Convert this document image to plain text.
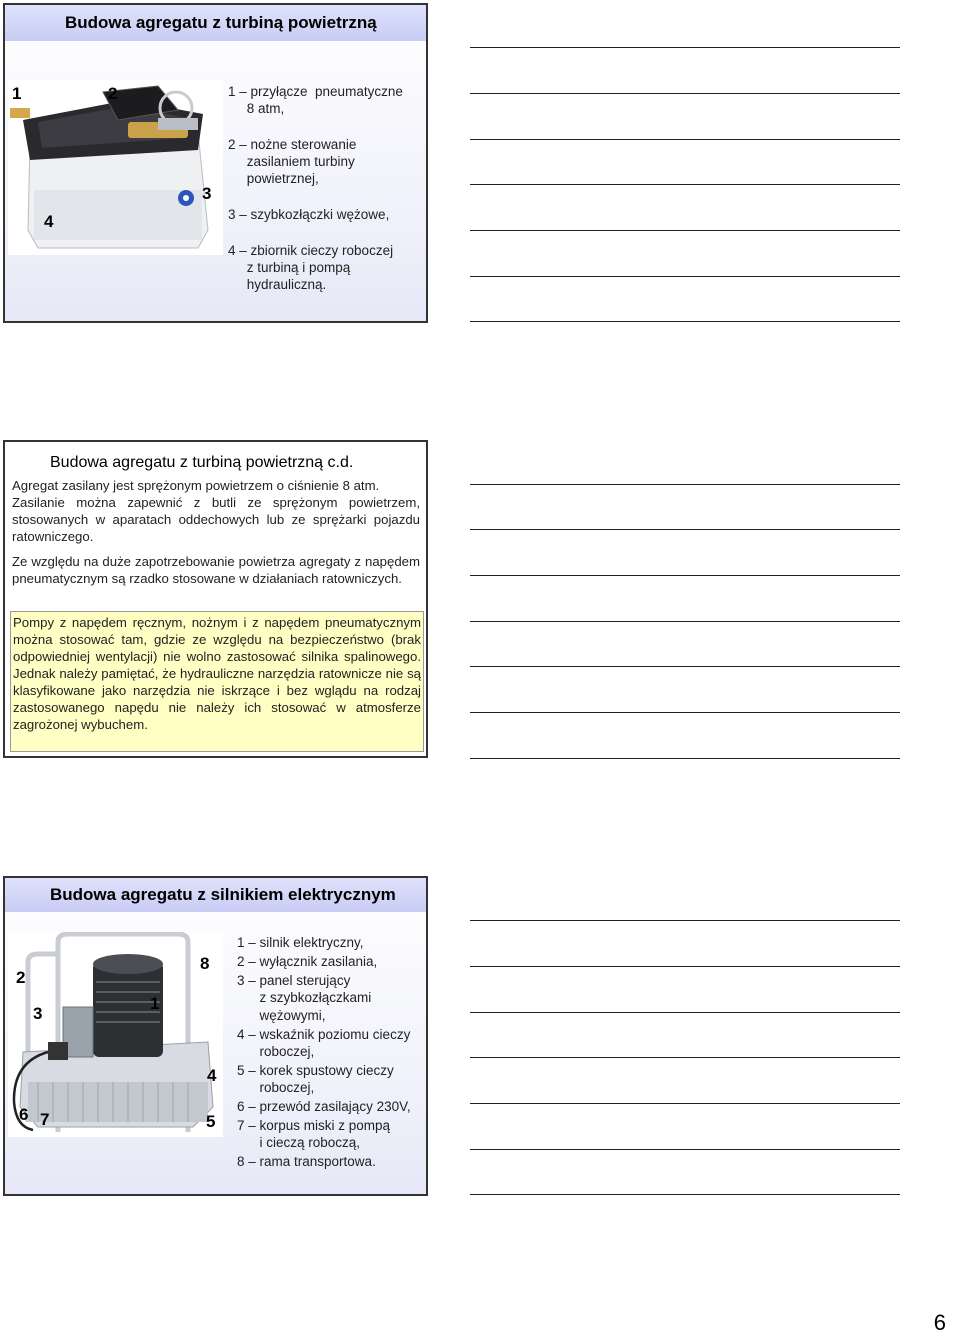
Budowa agregatu z turbiną powietrzną
1	2
3
4
1 – przyłącze  pneumatyczne
8 atm,
2 – nożne sterowanie
zasilaniem turbiny
powietrznej,
3 – szybkozłączki wężowe,
4 – zbiornik cieczy roboczej
z turbiną i pompą
hydrauliczną.
Budowa agregatu z turbiną powietrzną c.d.
Agregat zasilany jest sprężonym powietrzem o ciśnienie 8 atm.
Zasilanie można zapewnić z butli ze sprężonym powietrzem, stosowanych w aparatach oddechowych lub ze sprężarki pojazdu ratowniczego.
Ze względu na duże zapotrzebowanie powietrza agregaty z napędem pneumatycznym są rzadko stosowane w działaniach ratowniczych.
Pompy z napędem ręcznym, nożnym i z napędem pneumatycznym można stosować tam, gdzie ze względu na bezpieczeństwo (brak odpowiedniej wentylacji) nie wolno zastosować silnika spalinowego. Jednak należy pamiętać, że hydrauliczne narzędzia ratownicze nie są klasyfikowane jako narzędzia nie iskrzące i bez wglądu na rodzaj zastosowanego napędu nie należy ich stosować w atmosferze zagrożonej wybuchem.
Budowa agregatu z silnikiem elektrycznym
2
3
1
8
4
6 7	5
1 – silnik elektryczny,
2 – wyłącznik zasilania,
3 – panel sterujący
z szybkozłączkami
wężowymi,
4 – wskaźnik poziomu cieczy
roboczej,
5 – korek spustowy cieczy
roboczej,
6 – przewód zasilający 230V,
7 – korpus miski z pompą
i cieczą roboczą,
8 – rama transportowa.
6
